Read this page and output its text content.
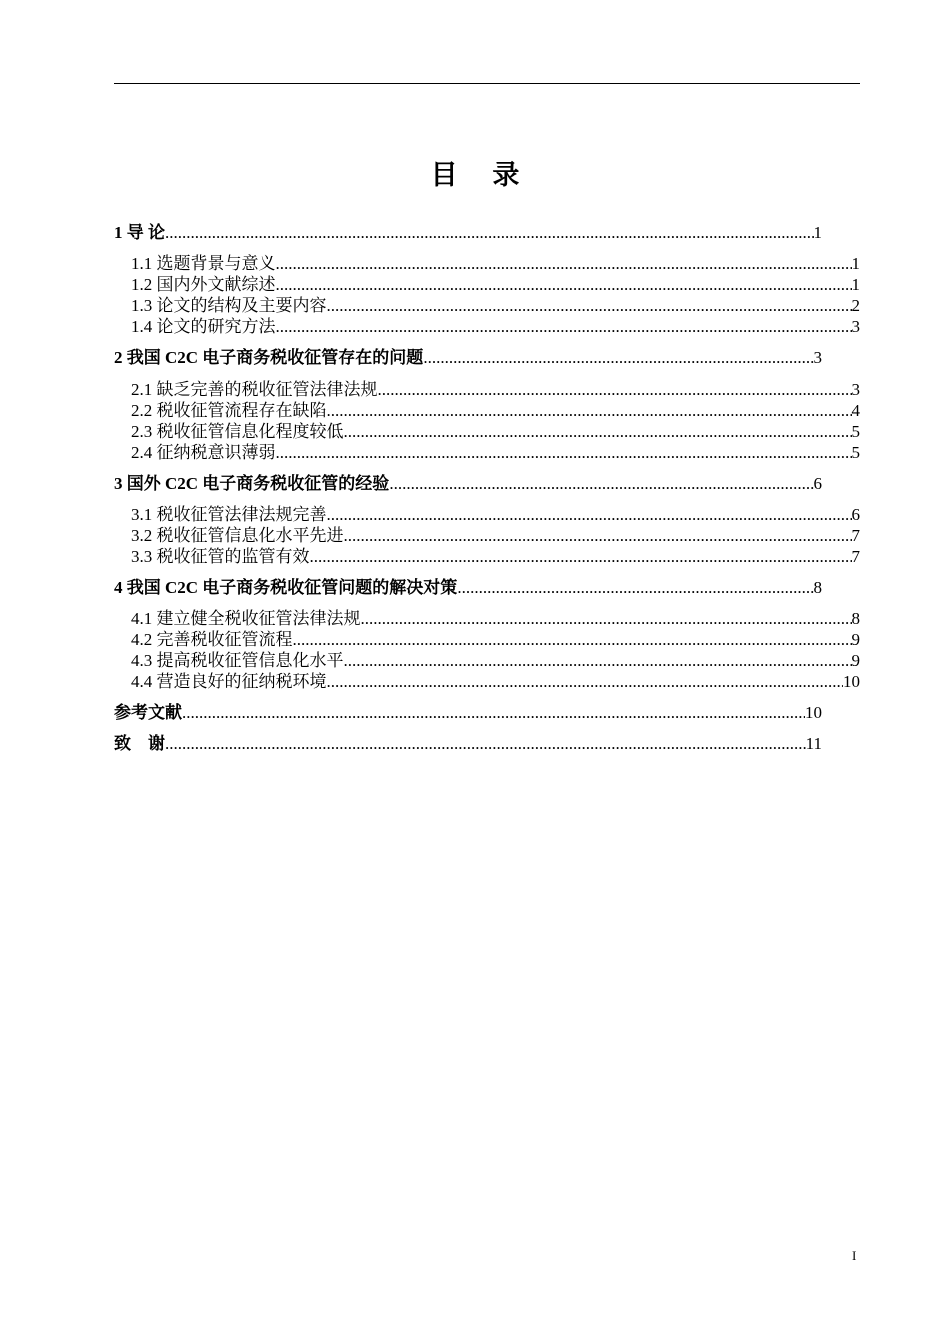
目 录
1 导 论 .....	1
1.1 选题背景与意义 .....	1
1.2 国内外文献综述 .....	1
1.3 论文的结构及主要内容 .....	2
1.4 论文的研究方法 .....	3
2 我国 C2C 电子商务税收征管存在的问题 .....	3
2.1 缺乏完善的税收征管法律法规 .....	3
2.2 税收征管流程存在缺陷 .....	4
2.3 税收征管信息化程度较低 .....	5
2.4 征纳税意识薄弱 .....	5
3 国外 C2C 电子商务税收征管的经验 .....	6
3.1 税收征管法律法规完善 .....	6
3.2 税收征管信息化水平先进 .....	7
3.3 税收征管的监管有效 .....	7
4 我国 C2C 电子商务税收征管问题的解决对策 .....	8
4.1 建立健全税收征管法律法规 .....	8
4.2 完善税收征管流程 .....	9
4.3 提高税收征管信息化水平 .....	9
4.4 营造良好的征纳税环境 .....	10
参考文献 .....	10
致    谢 .....	11
I
